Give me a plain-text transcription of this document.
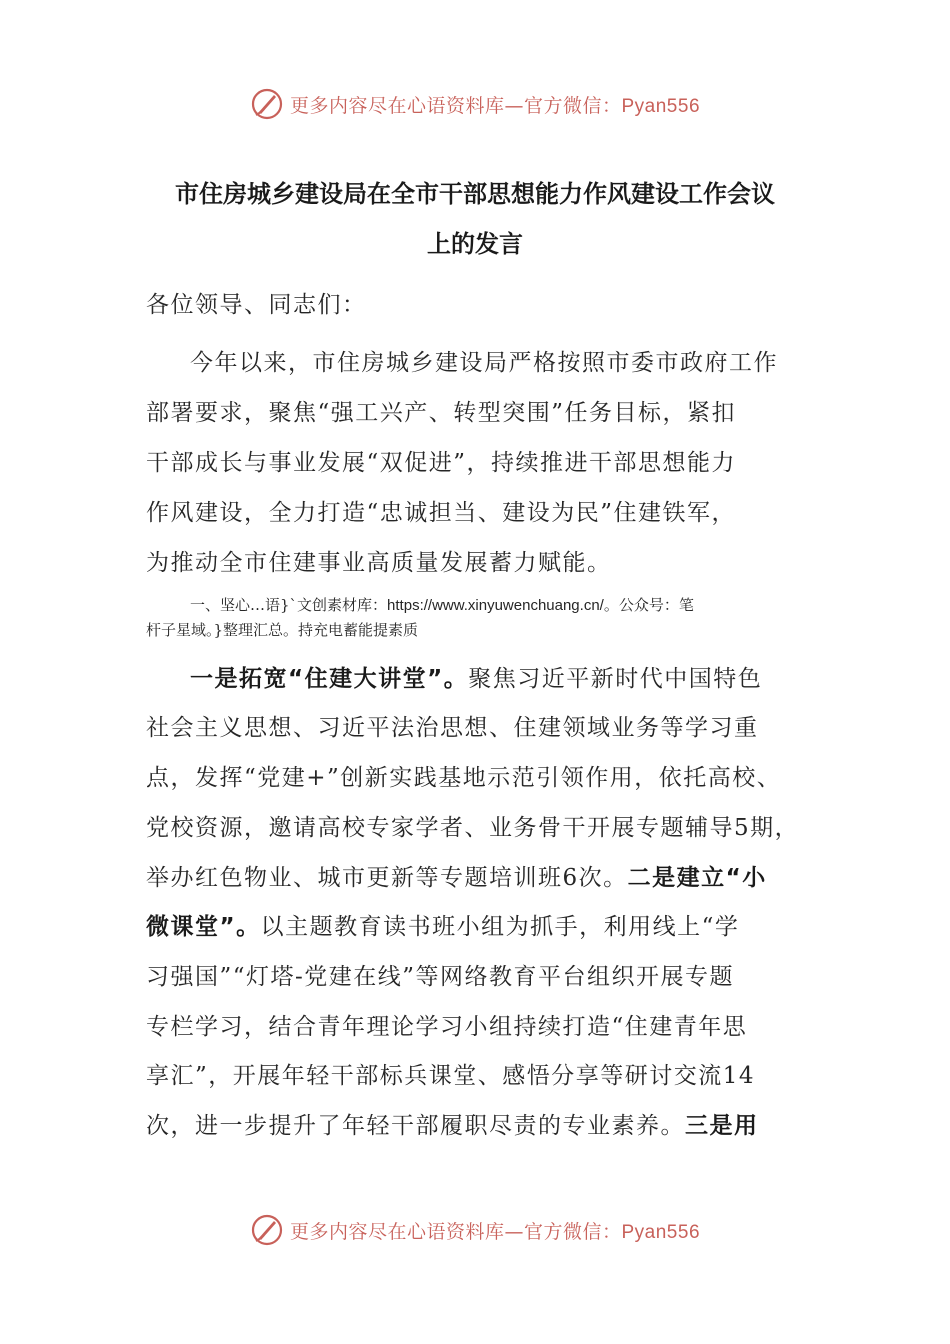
更多内容尽在心语资料库—官方微信：Pyan556
市住房城乡建设局在全市干部思想能力作风建设工作会议
上的发言

各位领导、同志们：

今年以来，市住房城乡建设局严格按照市委市政府工作

部署要求，聚焦“强工兴产、转型突围”任务目标，紧扣

干部成长与事业发展“双促进”，持续推进干部思想能力

作风建设，全力打造“忠诚担当、建设为民”住建铁军，

为推动全市住建事业高质量发展蓄力赋能。

一、坚心…语}`文创素材库：https://www.xinyuwenchuang.cn/。公众号：笔

杆子星域。}整理汇总。持充电蓄能提素质

一是拓宽“住建大讲堂”。聚焦习近平新时代中国特色

社会主义思想、习近平法治思想、住建领域业务等学习重

点，发挥“党建+”创新实践基地示范引领作用，依托高校、

党校资源，邀请高校专家学者、业务骨干开展专题辅导5期，

举办红色物业、城市更新等专题培训班6次。二是建立“小

微课堂”。以主题教育读书班小组为抓手，利用线上“学

习强国”“灯塔-党建在线”等网络教育平台组织开展专题

专栏学习，结合青年理论学习小组持续打造“住建青年思

享汇”，开展年轻干部标兵课堂、感悟分享等研讨交流14

次，进一步提升了年轻干部履职尽责的专业素养。三是用

更多内容尽在心语资料库—官方微信：Pyan556
